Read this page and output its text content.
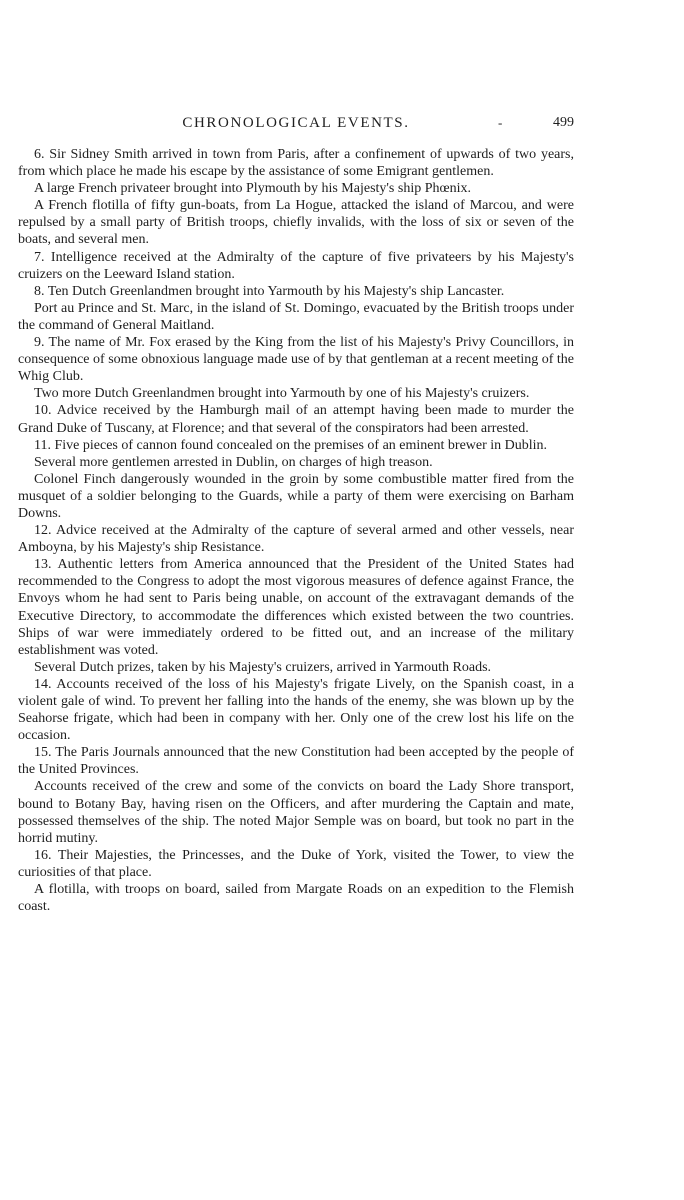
CHRONOLOGICAL EVENTS.	-	499

6. Sir Sidney Smith arrived in town from Paris, after a confinement of upwards of two years, from which place he made his escape by the assistance of some Emigrant gentlemen.

A large French privateer brought into Plymouth by his Majesty's ship Phœnix.

A French flotilla of fifty gun-boats, from La Hogue, attacked the island of Marcou, and were repulsed by a small party of British troops, chiefly invalids, with the loss of six or seven of the boats, and several men.

7. Intelligence received at the Admiralty of the capture of five privateers by his Majesty's cruizers on the Leeward Island station.

8. Ten Dutch Greenlandmen brought into Yarmouth by his Majesty's ship Lancaster.

Port au Prince and St. Marc, in the island of St. Domingo, evacuated by the British troops under the command of General Maitland.

9. The name of Mr. Fox erased by the King from the list of his Majesty's Privy Councillors, in consequence of some obnoxious language made use of by that gentleman at a recent meeting of the Whig Club.

Two more Dutch Greenlandmen brought into Yarmouth by one of his Majesty's cruizers.

10. Advice received by the Hamburgh mail of an attempt having been made to murder the Grand Duke of Tuscany, at Florence; and that several of the conspirators had been arrested.

11. Five pieces of cannon found concealed on the premises of an eminent brewer in Dublin.

Several more gentlemen arrested in Dublin, on charges of high treason.

Colonel Finch dangerously wounded in the groin by some combustible matter fired from the musquet of a soldier belonging to the Guards, while a party of them were exercising on Barham Downs.

12. Advice received at the Admiralty of the capture of several armed and other vessels, near Amboyna, by his Majesty's ship Resistance.

13. Authentic letters from America announced that the President of the United States had recommended to the Congress to adopt the most vigorous measures of defence against France, the Envoys whom he had sent to Paris being unable, on account of the extravagant demands of the Executive Directory, to accommodate the differences which existed between the two countries. Ships of war were immediately ordered to be fitted out, and an increase of the military establishment was voted.

Several Dutch prizes, taken by his Majesty's cruizers, arrived in Yarmouth Roads.

14. Accounts received of the loss of his Majesty's frigate Lively, on the Spanish coast, in a violent gale of wind. To prevent her falling into the hands of the enemy, she was blown up by the Seahorse frigate, which had been in company with her. Only one of the crew lost his life on the occasion.

15. The Paris Journals announced that the new Constitution had been accepted by the people of the United Provinces.

Accounts received of the crew and some of the convicts on board the Lady Shore transport, bound to Botany Bay, having risen on the Officers, and after murdering the Captain and mate, possessed themselves of the ship. The noted Major Semple was on board, but took no part in the horrid mutiny.

16. Their Majesties, the Princesses, and the Duke of York, visited the Tower, to view the curiosities of that place.

A flotilla, with troops on board, sailed from Margate Roads on an expedition to the Flemish coast.
